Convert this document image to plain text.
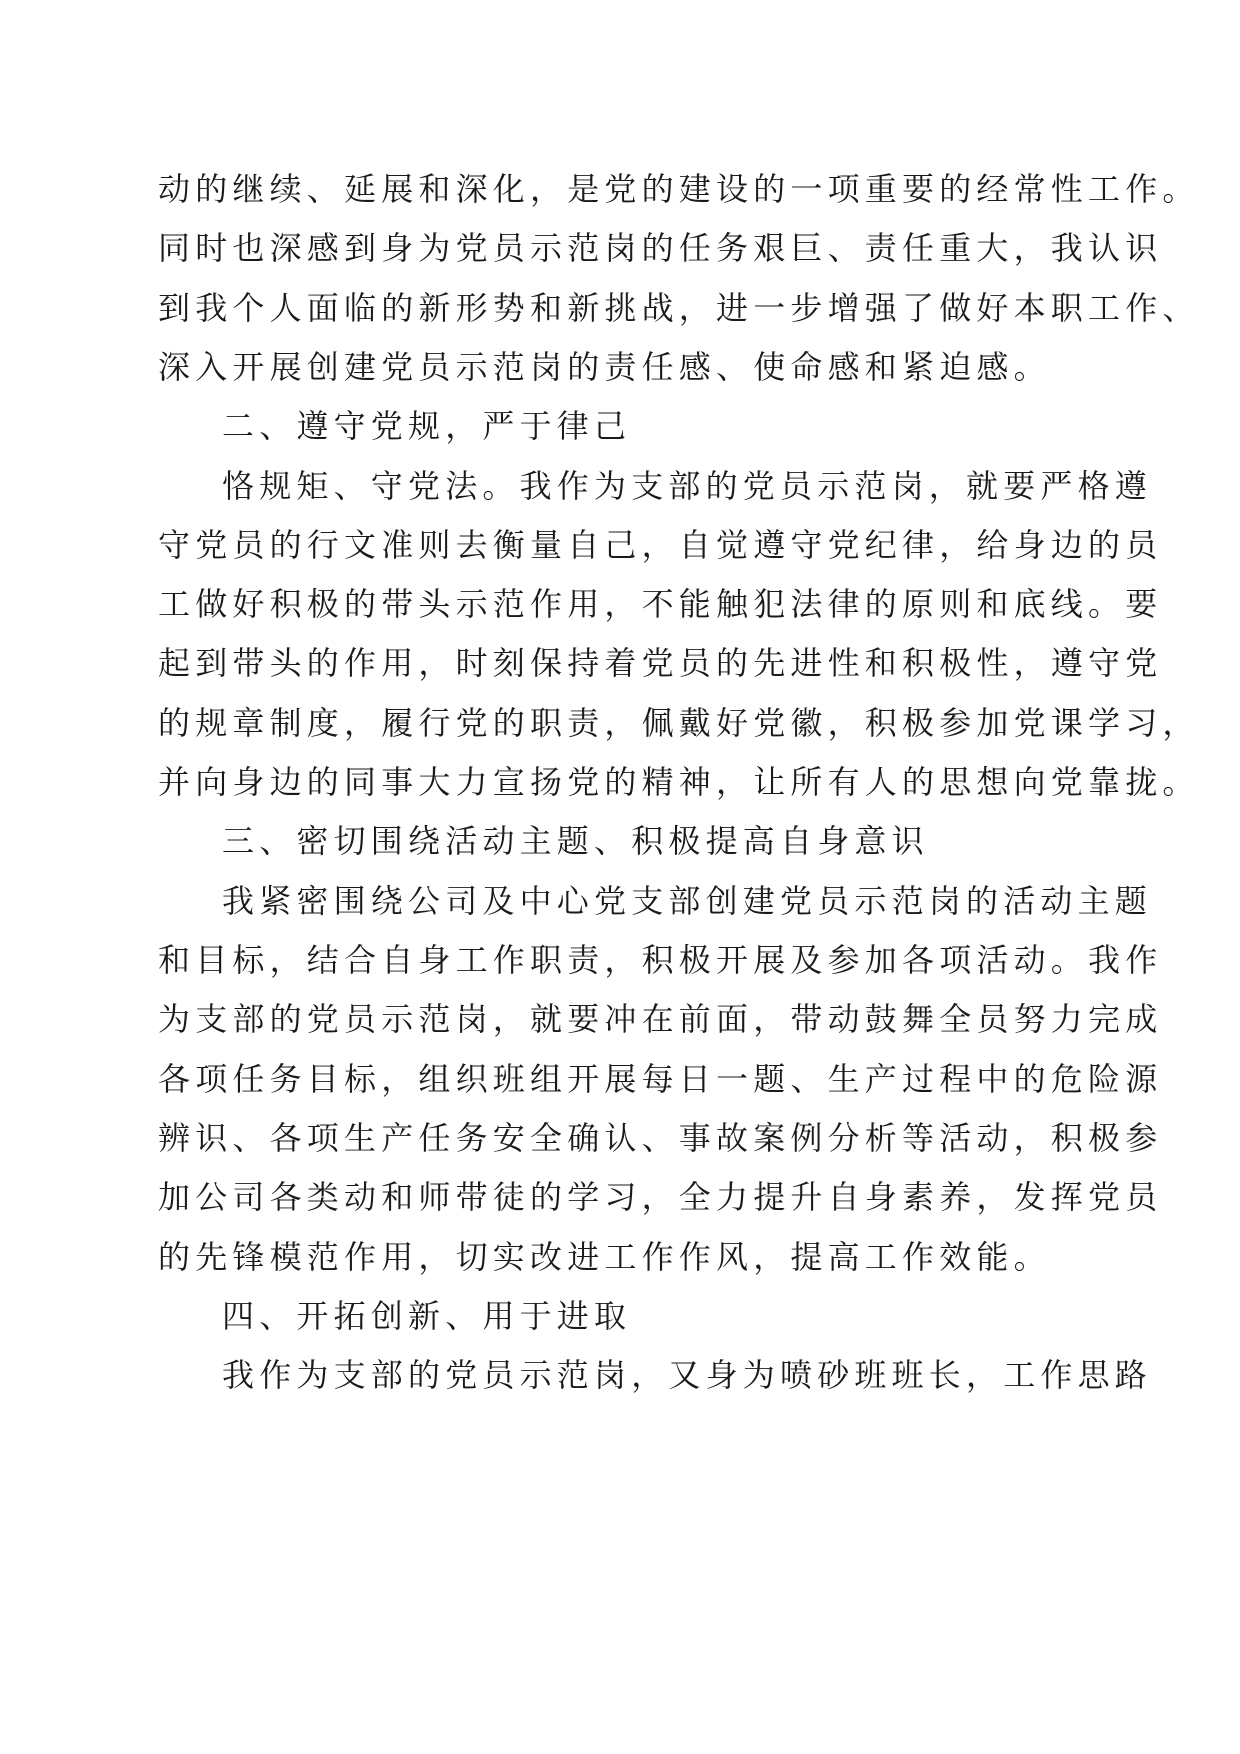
动的继续、延展和深化，是党的建设的一项重要的经常性工作。
同时也深感到身为党员示范岗的任务艰巨、责任重大，我认识
到我个人面临的新形势和新挑战，进一步增强了做好本职工作、
深入开展创建党员示范岗的责任感、使命感和紧迫感。
二、遵守党规，严于律己
恪规矩、守党法。我作为支部的党员示范岗，就要严格遵
守党员的行文准则去衡量自己，自觉遵守党纪律，给身边的员
工做好积极的带头示范作用，不能触犯法律的原则和底线。要
起到带头的作用，时刻保持着党员的先进性和积极性，遵守党
的规章制度，履行党的职责，佩戴好党徽，积极参加党课学习，
并向身边的同事大力宣扬党的精神，让所有人的思想向党靠拢。
三、密切围绕活动主题、积极提高自身意识
我紧密围绕公司及中心党支部创建党员示范岗的活动主题
和目标，结合自身工作职责，积极开展及参加各项活动。我作
为支部的党员示范岗，就要冲在前面，带动鼓舞全员努力完成
各项任务目标，组织班组开展每日一题、生产过程中的危险源
辨识、各项生产任务安全确认、事故案例分析等活动，积极参
加公司各类动和师带徒的学习，全力提升自身素养，发挥党员
的先锋模范作用，切实改进工作作风，提高工作效能。
四、开拓创新、用于进取
我作为支部的党员示范岗，又身为喷砂班班长，工作思路
